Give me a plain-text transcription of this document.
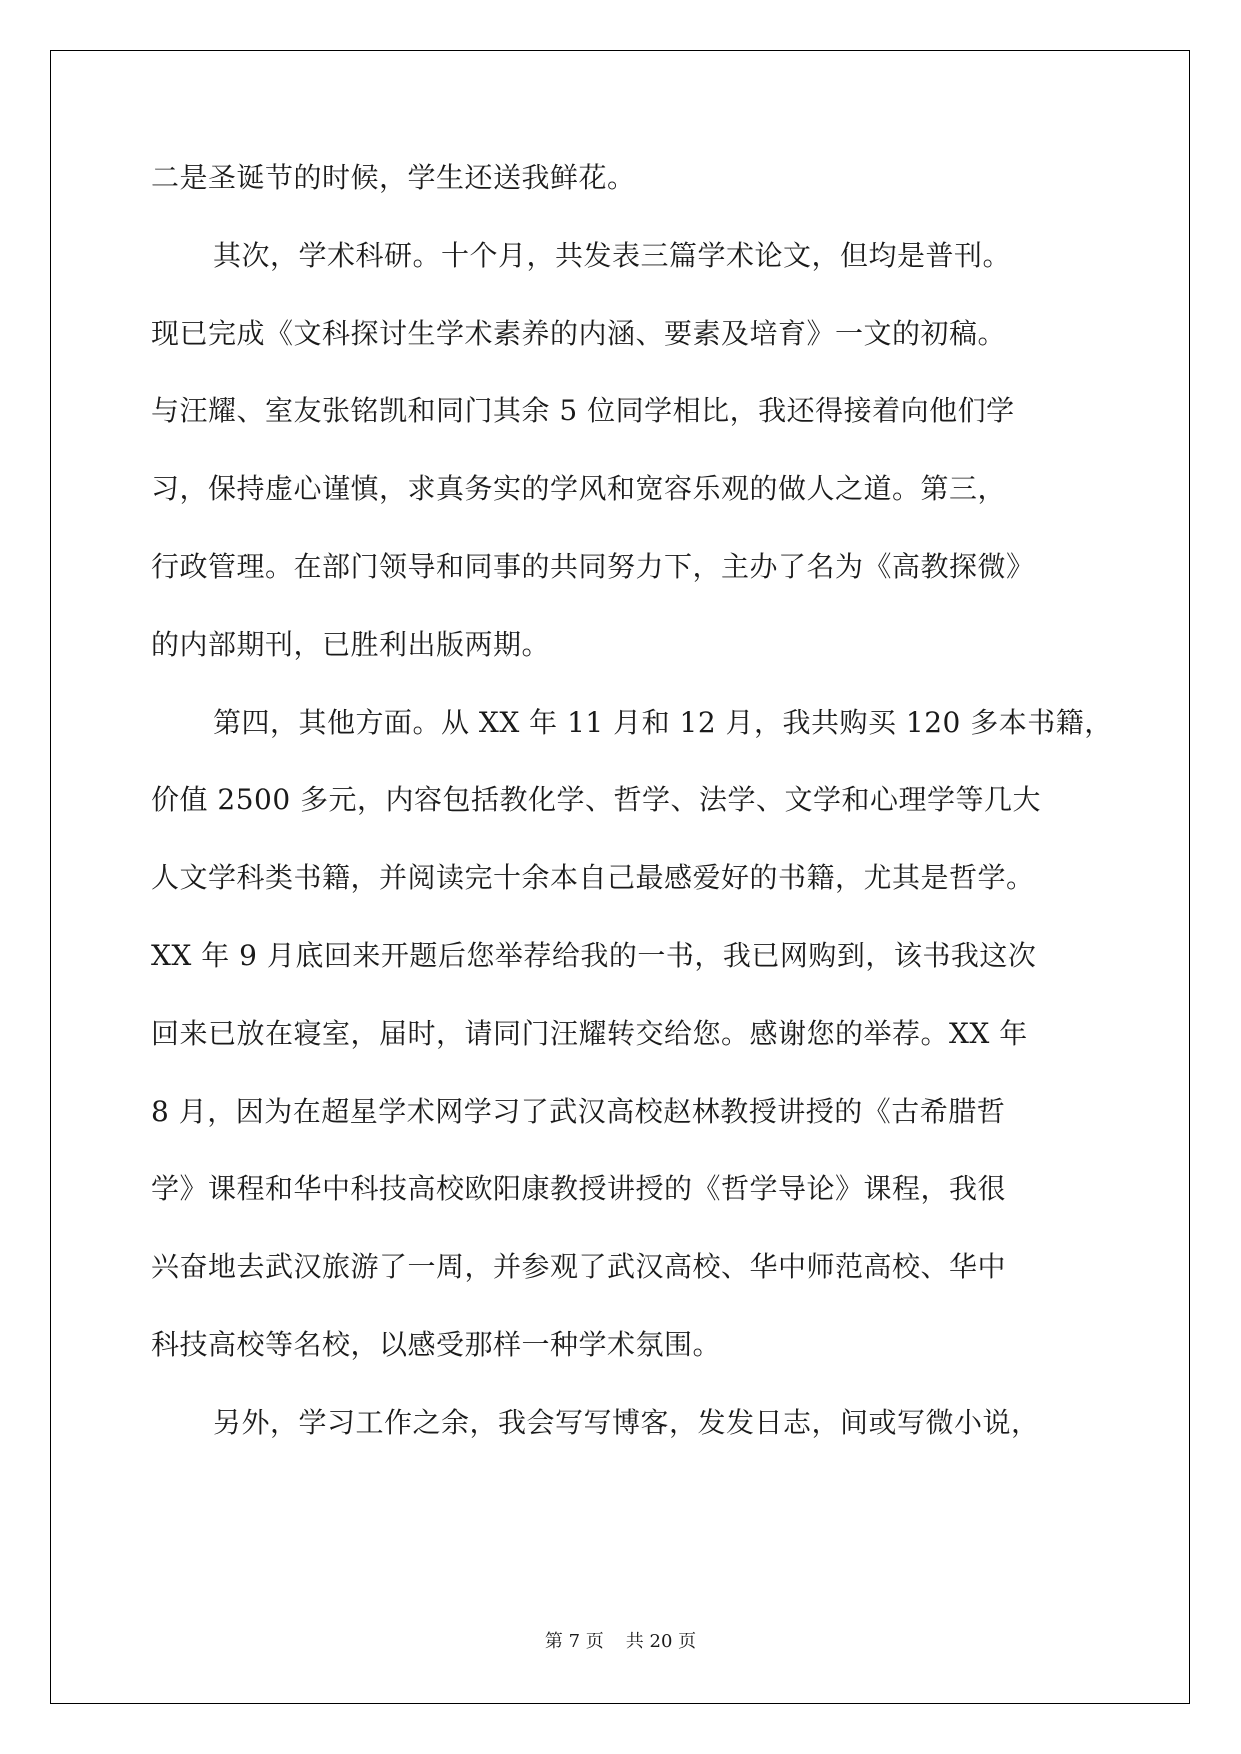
二是圣诞节的时候，学生还送我鲜花。
其次，学术科研。十个月，共发表三篇学术论文，但均是普刊。
现已完成《文科探讨生学术素养的内涵、要素及培育》一文的初稿。
与汪耀、室友张铭凯和同门其余 5 位同学相比，我还得接着向他们学
习，保持虚心谨慎，求真务实的学风和宽容乐观的做人之道。第三，
行政管理。在部门领导和同事的共同努力下，主办了名为《高教探微》
的内部期刊，已胜利出版两期。
第四，其他方面。从 XX 年 11 月和 12 月，我共购买 120 多本书籍，
价值 2500 多元，内容包括教化学、哲学、法学、文学和心理学等几大
人文学科类书籍，并阅读完十余本自己最感爱好的书籍，尤其是哲学。
XX 年 9 月底回来开题后您举荐给我的一书，我已网购到，该书我这次
回来已放在寝室，届时，请同门汪耀转交给您。感谢您的举荐。XX 年
8 月，因为在超星学术网学习了武汉高校赵林教授讲授的《古希腊哲
学》课程和华中科技高校欧阳康教授讲授的《哲学导论》课程，我很
兴奋地去武汉旅游了一周，并参观了武汉高校、华中师范高校、华中
科技高校等名校，以感受那样一种学术氛围。
另外，学习工作之余，我会写写博客，发发日志，间或写微小说，
第 7 页 共 20 页
